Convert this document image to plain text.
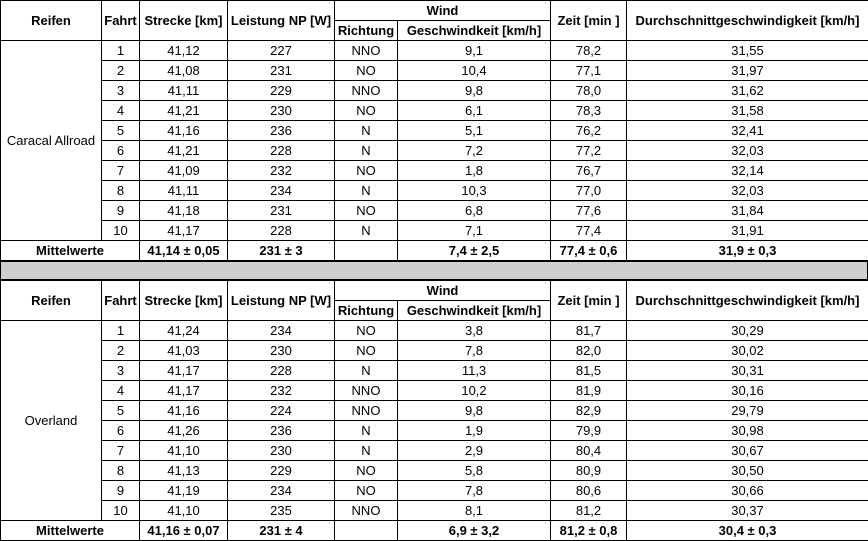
Reifen	Fahrt	Strecke [km]	Leistung NP [W]	Wind		Zeit [min ]	Durchschnittgeschwindigkeit [km/h]
				Richtung	Geschwindkeit [km/h]		
Caracal Allroad	1	41,12	227	NNO	9,1	78,2	31,55
	2	41,08	231	NO	10,4	77,1	31,97
	3	41,11	229	NNO	9,8	78,0	31,62
	4	41,21	230	NO	6,1	78,3	31,58
	5	41,16	236	N	5,1	76,2	32,41
	6	41,21	228	N	7,2	77,2	32,03
	7	41,09	232	NO	1,8	76,7	32,14
	8	41,11	234	N	10,3	77,0	32,03
	9	41,18	231	NO	6,8	77,6	31,84
	10	41,17	228	N	7,1	77,4	31,91
Mittelwerte		41,14 ± 0,05	231 ± 3		7,4 ± 2,5	77,4 ± 0,6	31,9 ± 0,3
Reifen	Fahrt	Strecke [km]	Leistung NP [W]	Wind		Zeit [min ]	Durchschnittgeschwindigkeit [km/h]
				Richtung	Geschwindkeit [km/h]		
Overland	1	41,24	234	NO	3,8	81,7	30,29
	2	41,03	230	NO	7,8	82,0	30,02
	3	41,17	228	N	11,3	81,5	30,31
	4	41,17	232	NNO	10,2	81,9	30,16
	5	41,16	224	NNO	9,8	82,9	29,79
	6	41,26	236	N	1,9	79,9	30,98
	7	41,10	230	N	2,9	80,4	30,67
	8	41,13	229	NO	5,8	80,9	30,50
	9	41,19	234	NO	7,8	80,6	30,66
	10	41,10	235	NNO	8,1	81,2	30,37
Mittelwerte		41,16 ± 0,07	231 ± 4		6,9 ± 3,2	81,2 ± 0,8	30,4 ± 0,3
